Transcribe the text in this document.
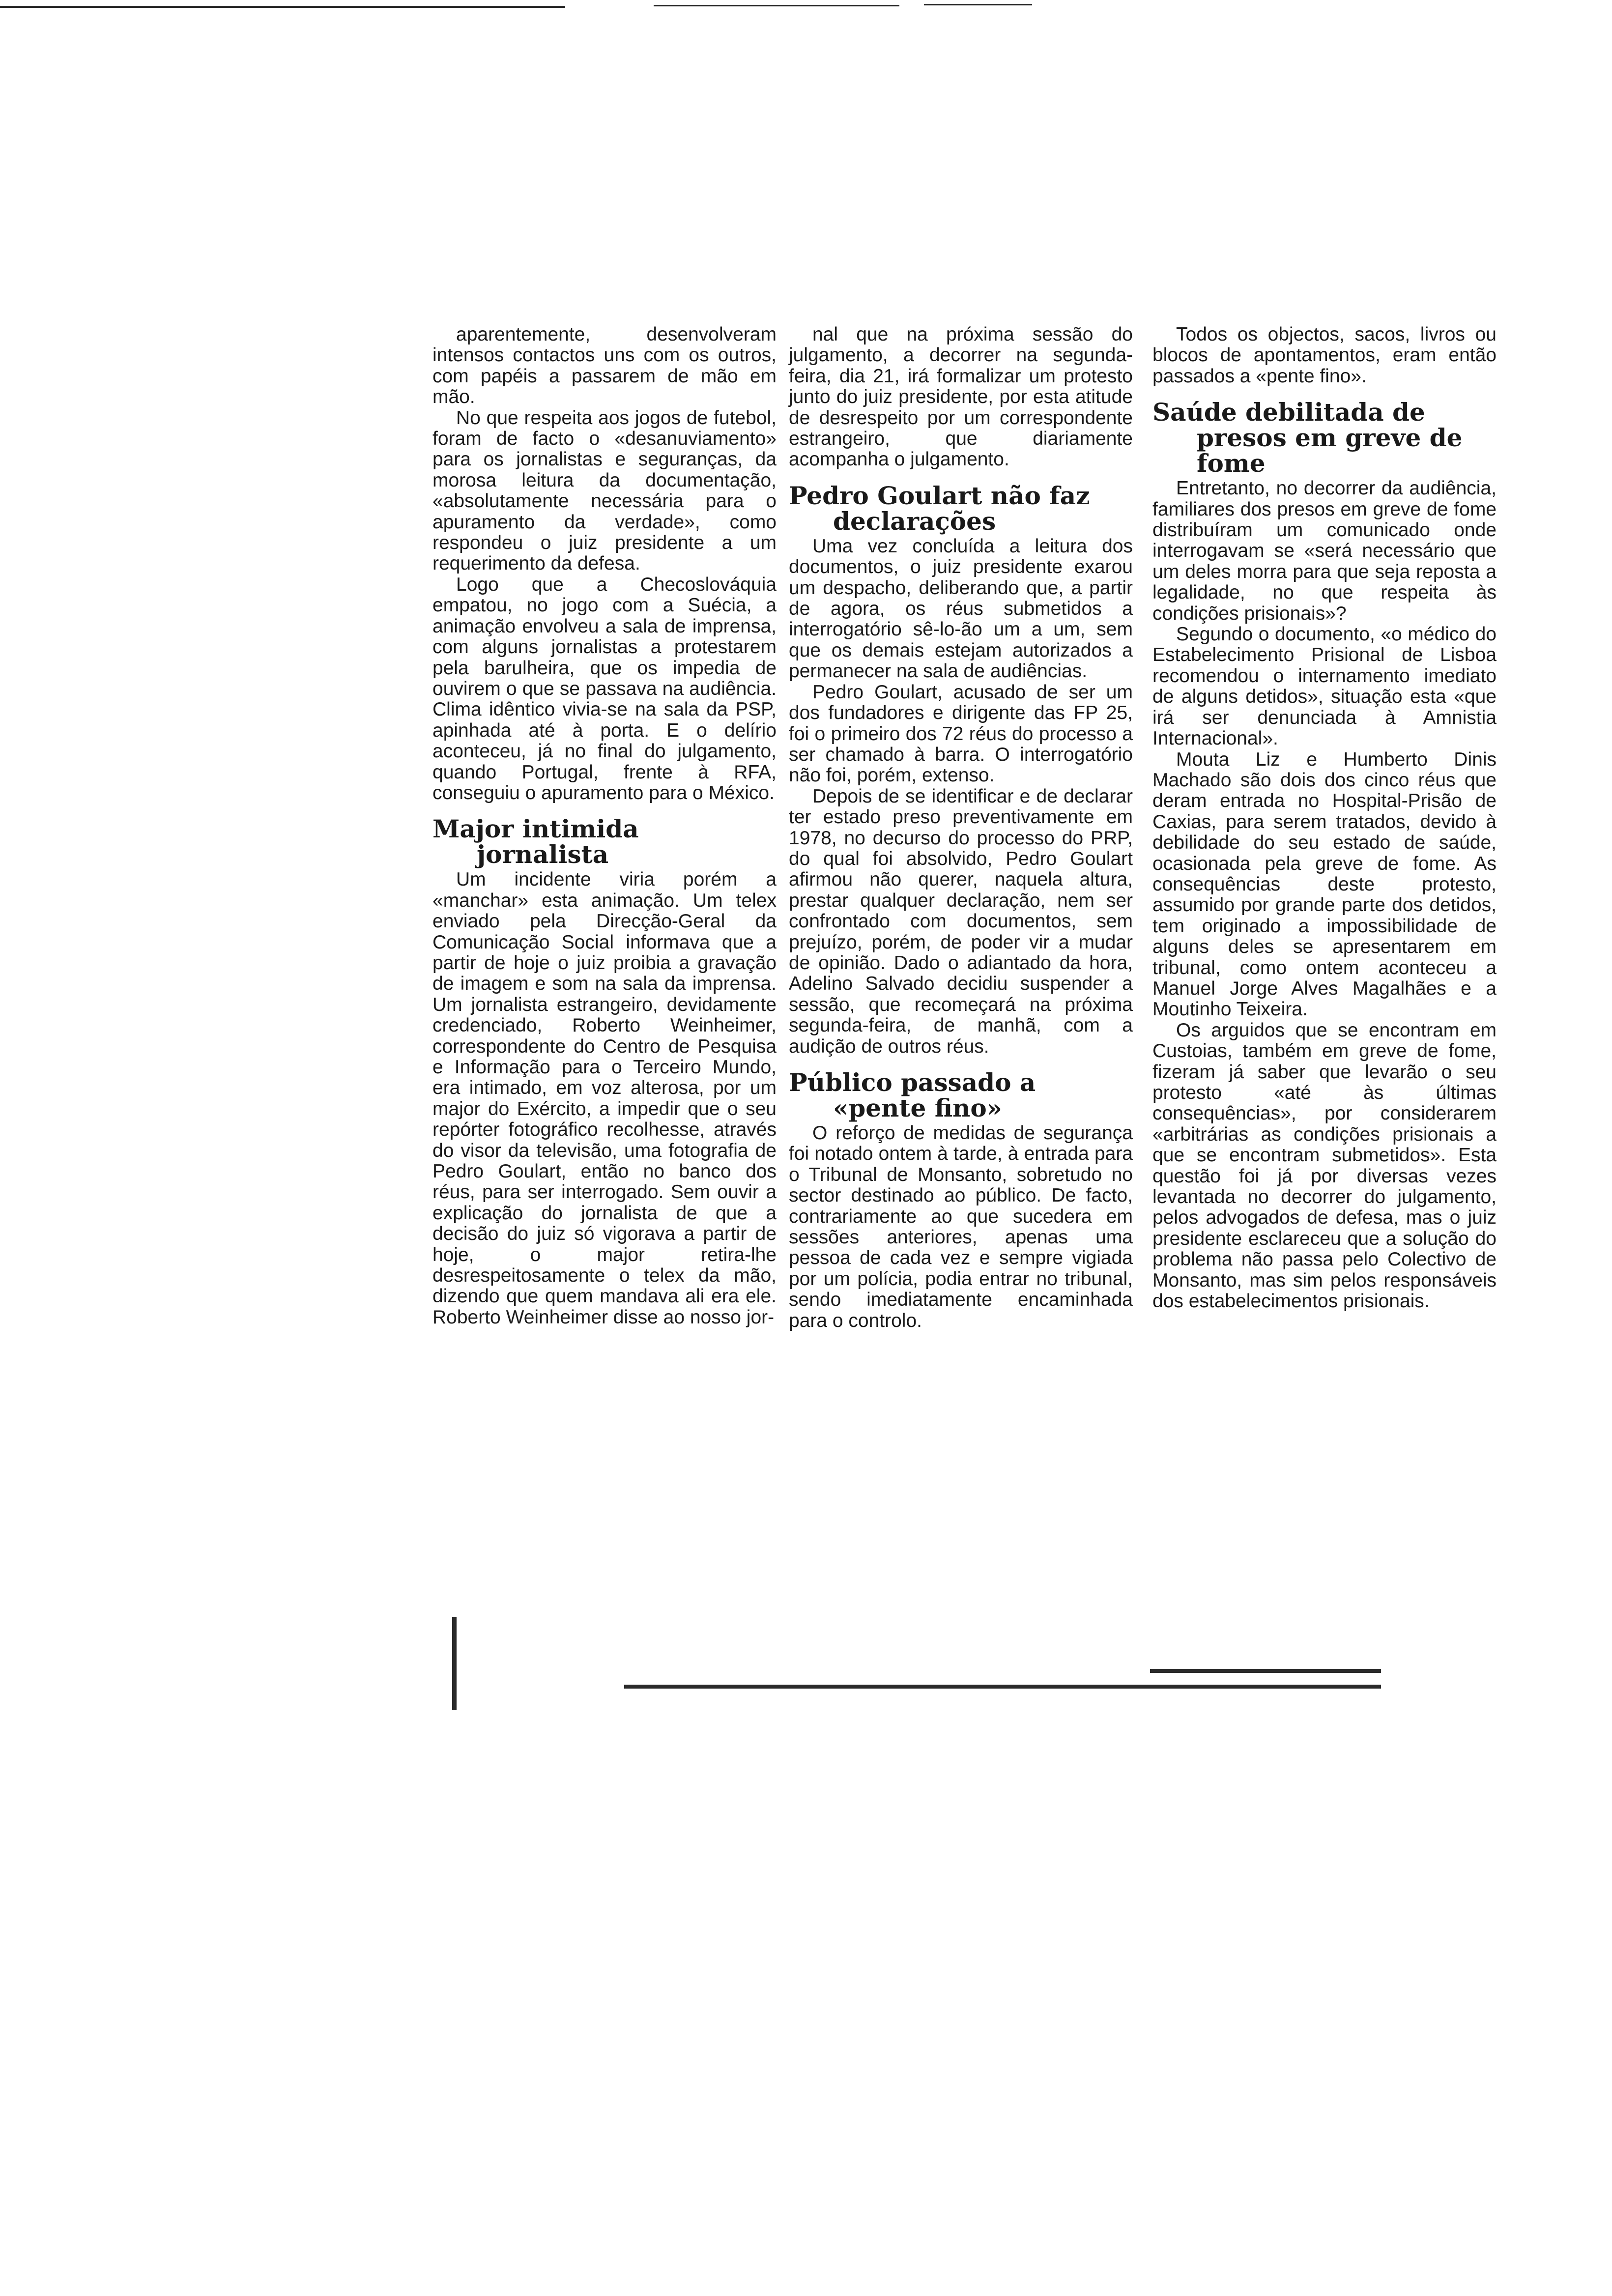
aparentemente, desenvolveram intensos contactos uns com os outros, com papéis a passarem de mão em mão.

No que respeita aos jogos de futebol, foram de facto o «desanuviamento» para os jornalistas e seguranças, da morosa leitura da documentação, «absolutamente necessária para o apuramento da verdade», como respondeu o juiz presidente a um requerimento da defesa.

Logo que a Checoslováquia empatou, no jogo com a Suécia, a animação envolveu a sala de imprensa, com alguns jornalistas a protestarem pela barulheira, que os impedia de ouvirem o que se passava na audiência. Clima idêntico vivia-se na sala da PSP, apinhada até à porta. E o delírio aconteceu, já no final do julgamento, quando Portugal, frente à RFA, conseguiu o apuramento para o México.

Major intimida jornalista

Um incidente viria porém a «manchar» esta animação. Um telex enviado pela Direcção-Geral da Comunicação Social informava que a partir de hoje o juiz proibia a gravação de imagem e som na sala da imprensa. Um jornalista estrangeiro, devidamente credenciado, Roberto Weinheimer, correspondente do Centro de Pesquisa e Informação para o Terceiro Mundo, era intimado, em voz alterosa, por um major do Exército, a impedir que o seu repórter fotográfico recolhesse, através do visor da televisão, uma fotografia de Pedro Goulart, então no banco dos réus, para ser interrogado. Sem ouvir a explicação do jornalista de que a decisão do juiz só vigorava a partir de hoje, o major retira-lhe desrespeitosamente o telex da mão, dizendo que quem mandava ali era ele. Roberto Weinheimer disse ao nosso jor-

nal que na próxima sessão do julgamento, a decorrer na segunda-feira, dia 21, irá formalizar um protesto junto do juiz presidente, por esta atitude de desrespeito por um correspondente estrangeiro, que diariamente acompanha o julgamento.

Pedro Goulart não faz declarações

Uma vez concluída a leitura dos documentos, o juiz presidente exarou um despacho, deliberando que, a partir de agora, os réus submetidos a interrogatório sê-lo-ão um a um, sem que os demais estejam autorizados a permanecer na sala de audiências.

Pedro Goulart, acusado de ser um dos fundadores e dirigente das FP 25, foi o primeiro dos 72 réus do processo a ser chamado à barra. O interrogatório não foi, porém, extenso.

Depois de se identificar e de declarar ter estado preso preventivamente em 1978, no decurso do processo do PRP, do qual foi absolvido, Pedro Goulart afirmou não querer, naquela altura, prestar qualquer declaração, nem ser confrontado com documentos, sem prejuízo, porém, de poder vir a mudar de opinião. Dado o adiantado da hora, Adelino Salvado decidiu suspender a sessão, que recomeçará na próxima segunda-feira, de manhã, com a audição de outros réus.

Público passado a «pente fino»

O reforço de medidas de segurança foi notado ontem à tarde, à entrada para o Tribunal de Monsanto, sobretudo no sector destinado ao público. De facto, contrariamente ao que sucedera em sessões anteriores, apenas uma pessoa de cada vez e sempre vigiada por um polícia, podia entrar no tribunal, sendo imediatamente encaminhada para o controlo.

Todos os objectos, sacos, livros ou blocos de apontamentos, eram então passados a «pente fino».

Saúde debilitada de presos em greve de fome

Entretanto, no decorrer da audiência, familiares dos presos em greve de fome distribuíram um comunicado onde interrogavam se «será necessário que um deles morra para que seja reposta a legalidade, no que respeita às condições prisionais»?

Segundo o documento, «o médico do Estabelecimento Prisional de Lisboa recomendou o internamento imediato de alguns detidos», situação esta «que irá ser denunciada à Amnistia Internacional».

Mouta Liz e Humberto Dinis Machado são dois dos cinco réus que deram entrada no Hospital-Prisão de Caxias, para serem tratados, devido à debilidade do seu estado de saúde, ocasionada pela greve de fome. As consequências deste protesto, assumido por grande parte dos detidos, tem originado a impossibilidade de alguns deles se apresentarem em tribunal, como ontem aconteceu a Manuel Jorge Alves Magalhães e a Moutinho Teixeira.

Os arguidos que se encontram em Custoias, também em greve de fome, fizeram já saber que levarão o seu protesto «até às últimas consequências», por considerarem «arbitrárias as condições prisionais a que se encontram submetidos». Esta questão foi já por diversas vezes levantada no decorrer do julgamento, pelos advogados de defesa, mas o juiz presidente esclareceu que a solução do problema não passa pelo Colectivo de Monsanto, mas sim pelos responsáveis dos estabelecimentos prisionais.
